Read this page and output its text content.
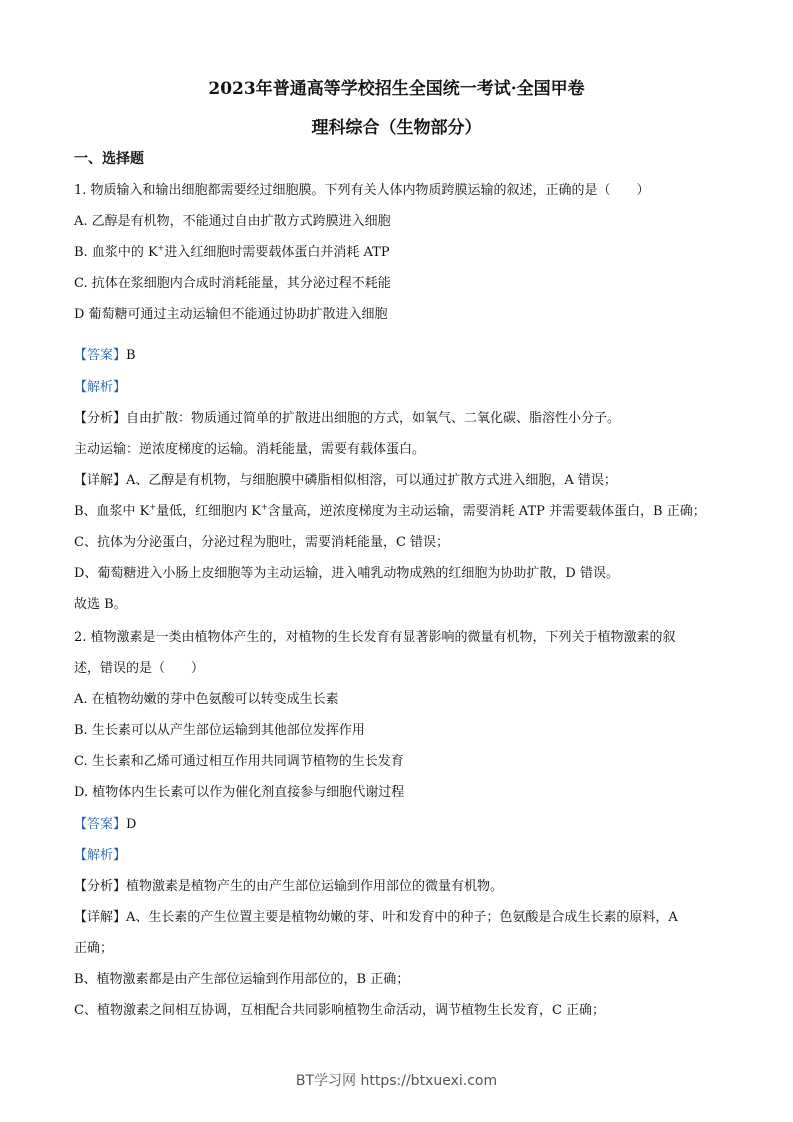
2023年普通高等学校招生全国统一考试·全国甲卷
理科综合（生物部分）
一、选择题
1. 物质输入和输出细胞都需要经过细胞膜。下列有关人体内物质跨膜运输的叙述，正确的是（　　）
A. 乙醇是有机物，不能通过自由扩散方式跨膜进入细胞
B. 血浆中的 K+进入红细胞时需要载体蛋白并消耗 ATP
C. 抗体在浆细胞内合成时消耗能量，其分泌过程不耗能
D 葡萄糖可通过主动运输但不能通过协助扩散进入细胞
【答案】B
【解析】
【分析】自由扩散：物质通过简单的扩散进出细胞的方式，如氧气、二氧化碳、脂溶性小分子。
主动运输：逆浓度梯度的运输。消耗能量，需要有载体蛋白。
【详解】A、乙醇是有机物，与细胞膜中磷脂相似相溶，可以通过扩散方式进入细胞，A 错误；
B、血浆中 K+量低，红细胞内 K+含量高，逆浓度梯度为主动运输，需要消耗 ATP 并需要载体蛋白，B 正确；
C、抗体为分泌蛋白，分泌过程为胞吐，需要消耗能量，C 错误；
D、葡萄糖进入小肠上皮细胞等为主动运输，进入哺乳动物成熟的红细胞为协助扩散，D 错误。
故选 B。
2. 植物激素是一类由植物体产生的，对植物的生长发育有显著影响的微量有机物，下列关于植物激素的叙
述，错误的是（　　）
A. 在植物幼嫩的芽中色氨酸可以转变成生长素
B. 生长素可以从产生部位运输到其他部位发挥作用
C. 生长素和乙烯可通过相互作用共同调节植物的生长发育
D. 植物体内生长素可以作为催化剂直接参与细胞代谢过程
【答案】D
【解析】
【分析】植物激素是植物产生的由产生部位运输到作用部位的微量有机物。
【详解】A、生长素的产生位置主要是植物幼嫩的芽、叶和发育中的种子；色氨酸是合成生长素的原料，A
正确；
B、植物激素都是由产生部位运输到作用部位的，B 正确；
C、植物激素之间相互协调，互相配合共同影响植物生命活动，调节植物生长发育，C 正确；
BT学习网 https://btxuexi.com
